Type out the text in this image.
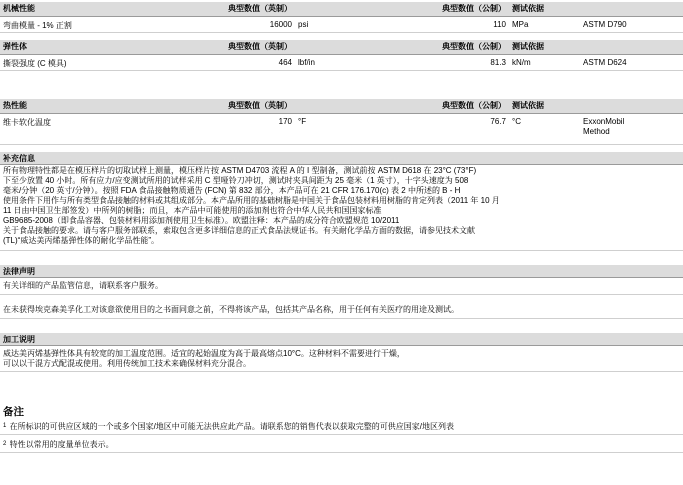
机械性能	典型数值（英制）	典型数值（公制） 测试依据
弯曲模量 - 1% 正割	16000 psi	110 MPa	ASTM D790
弹性体	典型数值（英制）	典型数值（公制） 测试依据
撕裂强度 (C 模具)	464 lbf/in	81.3 kN/m	ASTM D624
热性能	典型数值（英制）	典型数值（公制） 测试依据
维卡软化温度	170 °F	76.7 °C	ExxonMobil
Method
补充信息
所有物理特性都是在模压样片的切取试样上测量，模压样片按 ASTM D4703 流程 A 的 I 型制备，测试前按 ASTM D618 在 23°C (73°F)
下至少放置 40 小时。所有应力/应变测试所用的试样采用 C 型哑铃刀冲切，测试时夹具间距为 25 毫米（1 英寸），十字头速度为 508
毫米/分钟（20 英寸/分钟）。按照 FDA 食品接触物质通告 (FCN) 第 832 部分，本产品可在 21 CFR 176.170(c) 表 2 中所述的 B - H
使用条件下用作与所有类型食品接触的材料或其组成部分。本产品所用的基础树脂是中国关于食品包装材料用树脂的肯定列表（2011 年 10 月
11 日由中国卫生部签发）中所列的树脂；而且，本产品中可能使用的添加剂也符合中华人民共和国国家标准
GB9685-2008（即食品容器、包装材料用添加剂使用卫生标准）。欧盟注释：本产品的成分符合欧盟规范 10/2011
关于食品接触的要求。请与客户服务部联系，索取包含更多详细信息的正式食品法规证书。有关耐化学品方面的数据，请参见技术文献
(TL)“威达美丙烯基弹性体的耐化学品性能”。
法律声明
有关详细的产品监管信息，请联系客户服务。
在未获得埃克森美孚化工对该意欲使用目的之书面同意之前，不得将该产品，包括其产品名称，用于任何有关医疗的用途及测试。
加工说明
威达美丙烯基弹性体具有较宽的加工温度范围。适宜的起始温度为高于最高熔点10°C。这种材料不需要进行干燥，
可以以干混方式配混或使用。利用传统加工技术来确保材料充分混合。
备注
$^1$ 在所标识的可供应区域的一个或多个国家/地区中可能无法供应此产品。请联系您的销售代表以获取完整的可供应国家/地区列表
$^2$ 特性以常用的度量单位表示。
